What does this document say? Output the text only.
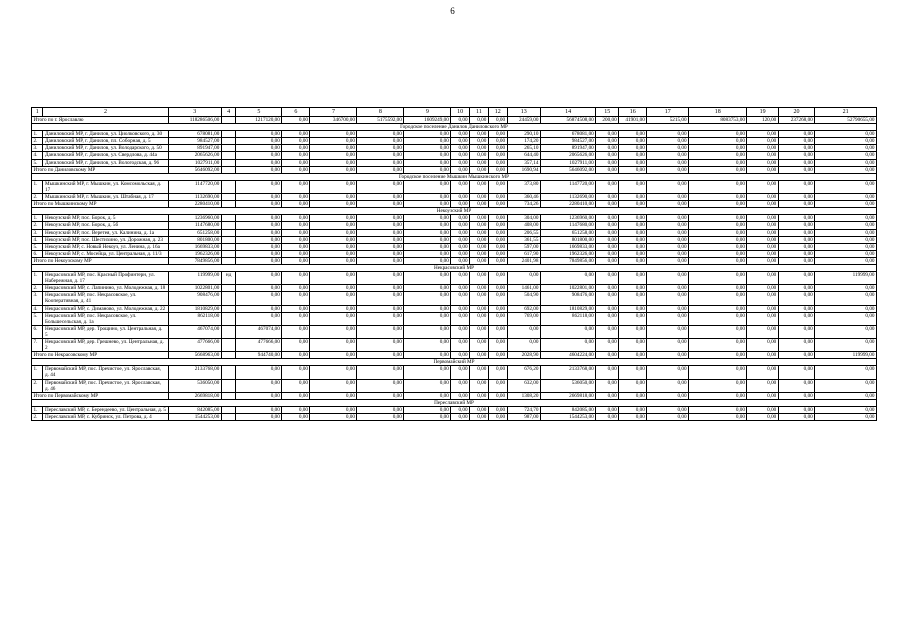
6
1	2	3	4	5	6	7	8	9	10	11	12	13	14	15	16	17	18	19	20	21
Итого по г. Ярославлю		118286506,00		1217120,00	0,00	346700,00	5175592,00	1609249,00	0,00	0,00	0,00	24459,00	56874508,00	200,00	41901,00	5215,00	8083753,00	120,00	237268,00	52790655,00
Городское поселение Данилов Даниловского МР																				
1.	Даниловский МР, г. Данилов, ул. Циолковского, д. 30	678081,00		0,00	0,00	0,00	0,00	0,00	0,00	0,00	0,00	290,10	678081,00	0,00	0,00	0,00	0,00	0,00	0,00	0,00
2.	Даниловский МР, г. Данилов, пл. Соборная, д. 5	984527,00		0,00	0,00	0,00	0,00	0,00	0,00	0,00	0,00	174,20	984527,00	0,00	0,00	0,00	0,00	0,00	0,00	0,00
3.	Даниловский МР, г. Данилов, ул. Володарского, д. 50	891947,00		0,00	0,00	0,00	0,00	0,00	0,00	0,00	0,00	265,10	891947,00	0,00	0,00	0,00	0,00	0,00	0,00	0,00
4.	Даниловский МР, г. Данилов, ул. Свердлова, д. 44а	2065626,00		0,00	0,00	0,00	0,00	0,00	0,00	0,00	0,00	644,40	2065626,00	0,00	0,00	0,00	0,00	0,00	0,00	0,00
5.	Даниловский МР, г. Данилов, ул. Вологодская, д. 96	1027911,00		0,00	0,00	0,00	0,00	0,00	0,00	0,00	0,00	357,14	1027911,00	0,00	0,00	0,00	0,00	0,00	0,00	0,00
Итого по Даниловскому МР		5646092,00		0,00	0,00	0,00	0,00	0,00	0,00	0,00	0,00	1690,94	5646092,00	0,00	0,00	0,00	0,00	0,00	0,00	0,00
Городское поселение Мышкин Мышкинского МР																				
1.	Мышкинский МР, г. Мышкин, ул. Комсомольская, д. 17	1147720,00		0,00	0,00	0,00	0,00	0,00	0,00	0,00	0,00	373,80	1147720,00	0,00	0,00	0,00	0,00	0,00	0,00	0,00
2.	Мышкинский МР, г. Мышкин, ул. Штабная, д. 17	1132690,00		0,00	0,00	0,00	0,00	0,00	0,00	0,00	0,00	360,46	1132690,00	0,00	0,00	0,00	0,00	0,00	0,00	0,00
Итого по Мышкинскому МР		2280410,00		0,00	0,00	0,00	0,00	0,00	0,00	0,00	0,00	734,26	2280410,00	0,00	0,00	0,00	0,00	0,00	0,00	0,00
Некоузский МР																				
1.	Некоузский МР, пос. Борок, д. 5	1236960,00		0,00	0,00	0,00	0,00	0,00	0,00	0,00	0,00	304,00	1236960,00	0,00	0,00	0,00	0,00	0,00	0,00	0,00
2.	Некоузский МР, пос. Борок, д. 5б	1147680,00		0,00	0,00	0,00	0,00	0,00	0,00	0,00	0,00	408,00	1147680,00	0,00	0,00	0,00	0,00	0,00	0,00	0,00
3.	Некоузский МР, пос. Веретея, ул. Калинина, д. 1а	651258,00		0,00	0,00	0,00	0,00	0,00	0,00	0,00	0,00	206,55	651258,00	0,00	0,00	0,00	0,00	0,00	0,00	0,00
4.	Некоузский МР, пос. Шестихино, ул. Дорожная, д. 23	801800,00		0,00	0,00	0,00	0,00	0,00	0,00	0,00	0,00	361,55	801800,00	0,00	0,00	0,00	0,00	0,00	0,00	0,00
5.	Некоузский МР, с. Новый Некоуз, ул. Ленина, д. 16а	1669833,00		0,00	0,00	0,00	0,00	0,00	0,00	0,00	0,00	597,00	1669833,00	0,00	0,00	0,00	0,00	0,00	0,00	0,00
6.	Некоузский МР, с. Мосейца, ул. Центральная, д. 11/3	1962326,00		0,00	0,00	0,00	0,00	0,00	0,00	0,00	0,00	617,90	1962326,00	0,00	0,00	0,00	0,00	0,00	0,00	0,00
Итого по Некоузскому МР		7849856,00		0,00	0,00	0,00	0,00	0,00	0,00	0,00	0,00	2401,98	7849856,00	0,00	0,00	0,00	0,00	0,00	0,00	0,00
Некрасовский МР																				
1.	Некрасовский МР, пос. Красный Профинтерн, ул. Набережная, д. 17	119999,00	нд	0,00	0,00	0,00	0,00	0,00	0,00	0,00	0,00	0,00	0,00	0,00	0,00	0,00	0,00	0,00	0,00	119999,00
2.	Некрасовский МР, с. Лапинино, ул. Молодежная, д. 18	1022801,00		0,00	0,00	0,00	0,00	0,00	0,00	0,00	0,00	1461,00	1022801,00	0,00	0,00	0,00	0,00	0,00	0,00	0,00
3.	Некрасовский МР, пос. Некрасовское, ул. Кооперативная, д. 41	908476,00		0,00	0,00	0,00	0,00	0,00	0,00	0,00	0,00	504,90	908476,00	0,00	0,00	0,00	0,00	0,00	0,00	0,00
4.	Некрасовский МР, с. Диманово, ул. Молодежная, д. 22	1810829,00		0,00	0,00	0,00	0,00	0,00	0,00	0,00	0,00	692,00	1810829,00	0,00	0,00	0,00	0,00	0,00	0,00	0,00
5.	Некрасовский МР, пос. Некрасовское, ул. Большесельская, д. 1а	862118,00		0,00	0,00	0,00	0,00	0,00	0,00	0,00	0,00	769,00	862118,00	0,00	0,00	0,00	0,00	0,00	0,00	0,00
6.	Некрасовский МР, дер. Трощино, ул. Центральная, д. 5	467074,00		467074,00	0,00	0,00	0,00	0,00	0,00	0,00	0,00	0,00	0,00	0,00	0,00	0,00	0,00	0,00	0,00	0,00
7.	Некрасовский МР, дер. Грешнево, ул. Центральная, д. 2	477666,00		477666,00	0,00	0,00	0,00	0,00	0,00	0,00	0,00	0,00	0,00	0,00	0,00	0,00	0,00	0,00	0,00	0,00
Итого по Некрасовскому МР		5668963,00		944740,00	0,00	0,00	0,00	0,00	0,00	0,00	0,00	2028,90	4604224,00	0,00	0,00	0,00	0,00	0,00	0,00	119999,00
Первомайский МР																				
1.	Первомайский МР, пос. Пречистое, ул. Ярославская, д. 44	2133768,00		0,00	0,00	0,00	0,00	0,00	0,00	0,00	0,00	676,20	2133768,00	0,00	0,00	0,00	0,00	0,00	0,00	0,00
2.	Первомайский МР, пос. Пречистое, ул. Ярославская, д. 46	536050,00		0,00	0,00	0,00	0,00	0,00	0,00	0,00	0,00	632,00	536050,00	0,00	0,00	0,00	0,00	0,00	0,00	0,00
Итого по Первомайскому МР		2669818,00		0,00	0,00	0,00	0,00	0,00	0,00	0,00	0,00	1308,20	2669818,00	0,00	0,00	0,00	0,00	0,00	0,00	0,00
Переславский МР																				
1.	Переславский МР, с. Берендеево, ул. Центральная, д. 5	842085,00		0,00	0,00	0,00	0,00	0,00	0,00	0,00	0,00	724,70	842085,00	0,00	0,00	0,00	0,00	0,00	0,00	0,00
2.	Переславский МР, с. Кубринск, ул. Петрова, д. 4	1544253,00		0,00	0,00	0,00	0,00	0,00	0,00	0,00	0,00	987,00	1544253,00	0,00	0,00	0,00	0,00	0,00	0,00	0,00
